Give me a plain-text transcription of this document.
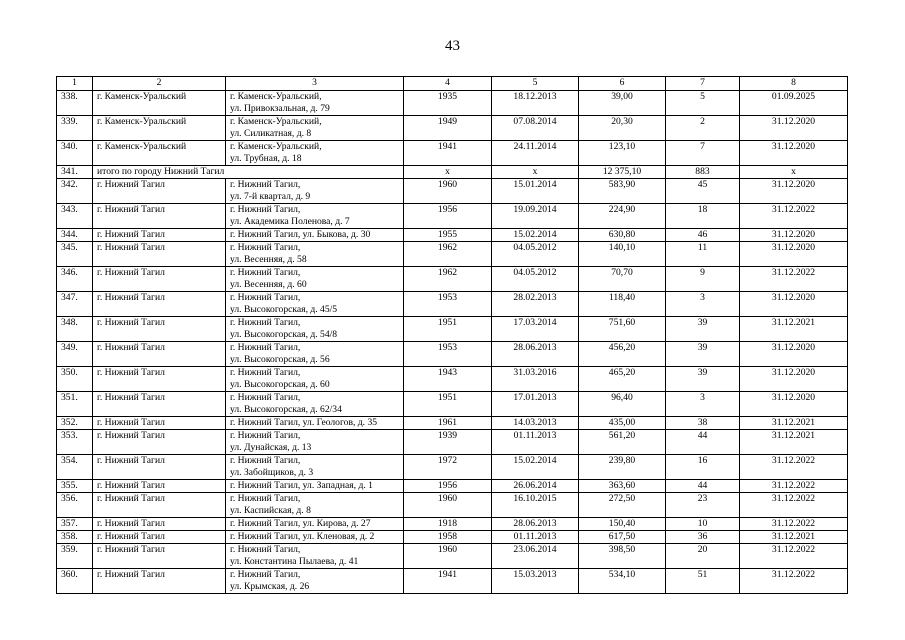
43
1	2	3	4	5	6	7	8
338.	г. Каменск-Уральский	г. Каменск-Уральский,
ул. Привокзальная, д. 79	1935	18.12.2013	39,00	5	01.09.2025
339.	г. Каменск-Уральский	г. Каменск-Уральский,
ул. Силикатная, д. 8	1949	07.08.2014	20,30	2	31.12.2020
340.	г. Каменск-Уральский	г. Каменск-Уральский,
ул. Трубная, д. 18	1941	24.11.2014	123,10	7	31.12.2020
341.	итого по городу Нижний Тагил		х	х	12 375,10	883	х
342.	г. Нижний Тагил	г. Нижний Тагил,
ул. 7-й квартал, д. 9	1960	15.01.2014	583,90	45	31.12.2020
343.	г. Нижний Тагил	г. Нижний Тагил,
ул. Академика Поленова, д. 7	1956	19.09.2014	224,90	18	31.12.2022
344.	г. Нижний Тагил	г. Нижний Тагил, ул. Быкова, д. 30	1955	15.02.2014	630,80	46	31.12.2020
345.	г. Нижний Тагил	г. Нижний Тагил,
ул. Весенняя, д. 58	1962	04.05.2012	140,10	11	31.12.2020
346.	г. Нижний Тагил	г. Нижний Тагил,
ул. Весенняя, д. 60	1962	04.05.2012	70,70	9	31.12.2022
347.	г. Нижний Тагил	г. Нижний Тагил,
ул. Высокогорская, д. 45/5	1953	28.02.2013	118,40	3	31.12.2020
348.	г. Нижний Тагил	г. Нижний Тагил,
ул. Высокогорская, д. 54/8	1951	17.03.2014	751,60	39	31.12.2021
349.	г. Нижний Тагил	г. Нижний Тагил,
ул. Высокогорская, д. 56	1953	28.06.2013	456,20	39	31.12.2020
350.	г. Нижний Тагил	г. Нижний Тагил,
ул. Высокогорская, д. 60	1943	31.03.2016	465,20	39	31.12.2020
351.	г. Нижний Тагил	г. Нижний Тагил,
ул. Высокогорская, д. 62/34	1951	17.01.2013	96,40	3	31.12.2020
352.	г. Нижний Тагил	г. Нижний Тагил, ул. Геологов, д. 35	1961	14.03.2013	435,00	38	31.12.2021
353.	г. Нижний Тагил	г. Нижний Тагил,
ул. Дунайская, д. 13	1939	01.11.2013	561,20	44	31.12.2021
354.	г. Нижний Тагил	г. Нижний Тагил,
ул. Забойщиков, д. 3	1972	15.02.2014	239,80	16	31.12.2022
355.	г. Нижний Тагил	г. Нижний Тагил, ул. Западная, д. 1	1956	26.06.2014	363,60	44	31.12.2022
356.	г. Нижний Тагил	г. Нижний Тагил,
ул. Каспийская, д. 8	1960	16.10.2015	272,50	23	31.12.2022
357.	г. Нижний Тагил	г. Нижний Тагил, ул. Кирова, д. 27	1918	28.06.2013	150,40	10	31.12.2022
358.	г. Нижний Тагил	г. Нижний Тагил, ул. Кленовая, д. 2	1958	01.11.2013	617,50	36	31.12.2021
359.	г. Нижний Тагил	г. Нижний Тагил,
ул. Константина Пылаева, д. 41	1960	23.06.2014	398,50	20	31.12.2022
360.	г. Нижний Тагил	г. Нижний Тагил,
ул. Крымская, д. 26	1941	15.03.2013	534,10	51	31.12.2022
